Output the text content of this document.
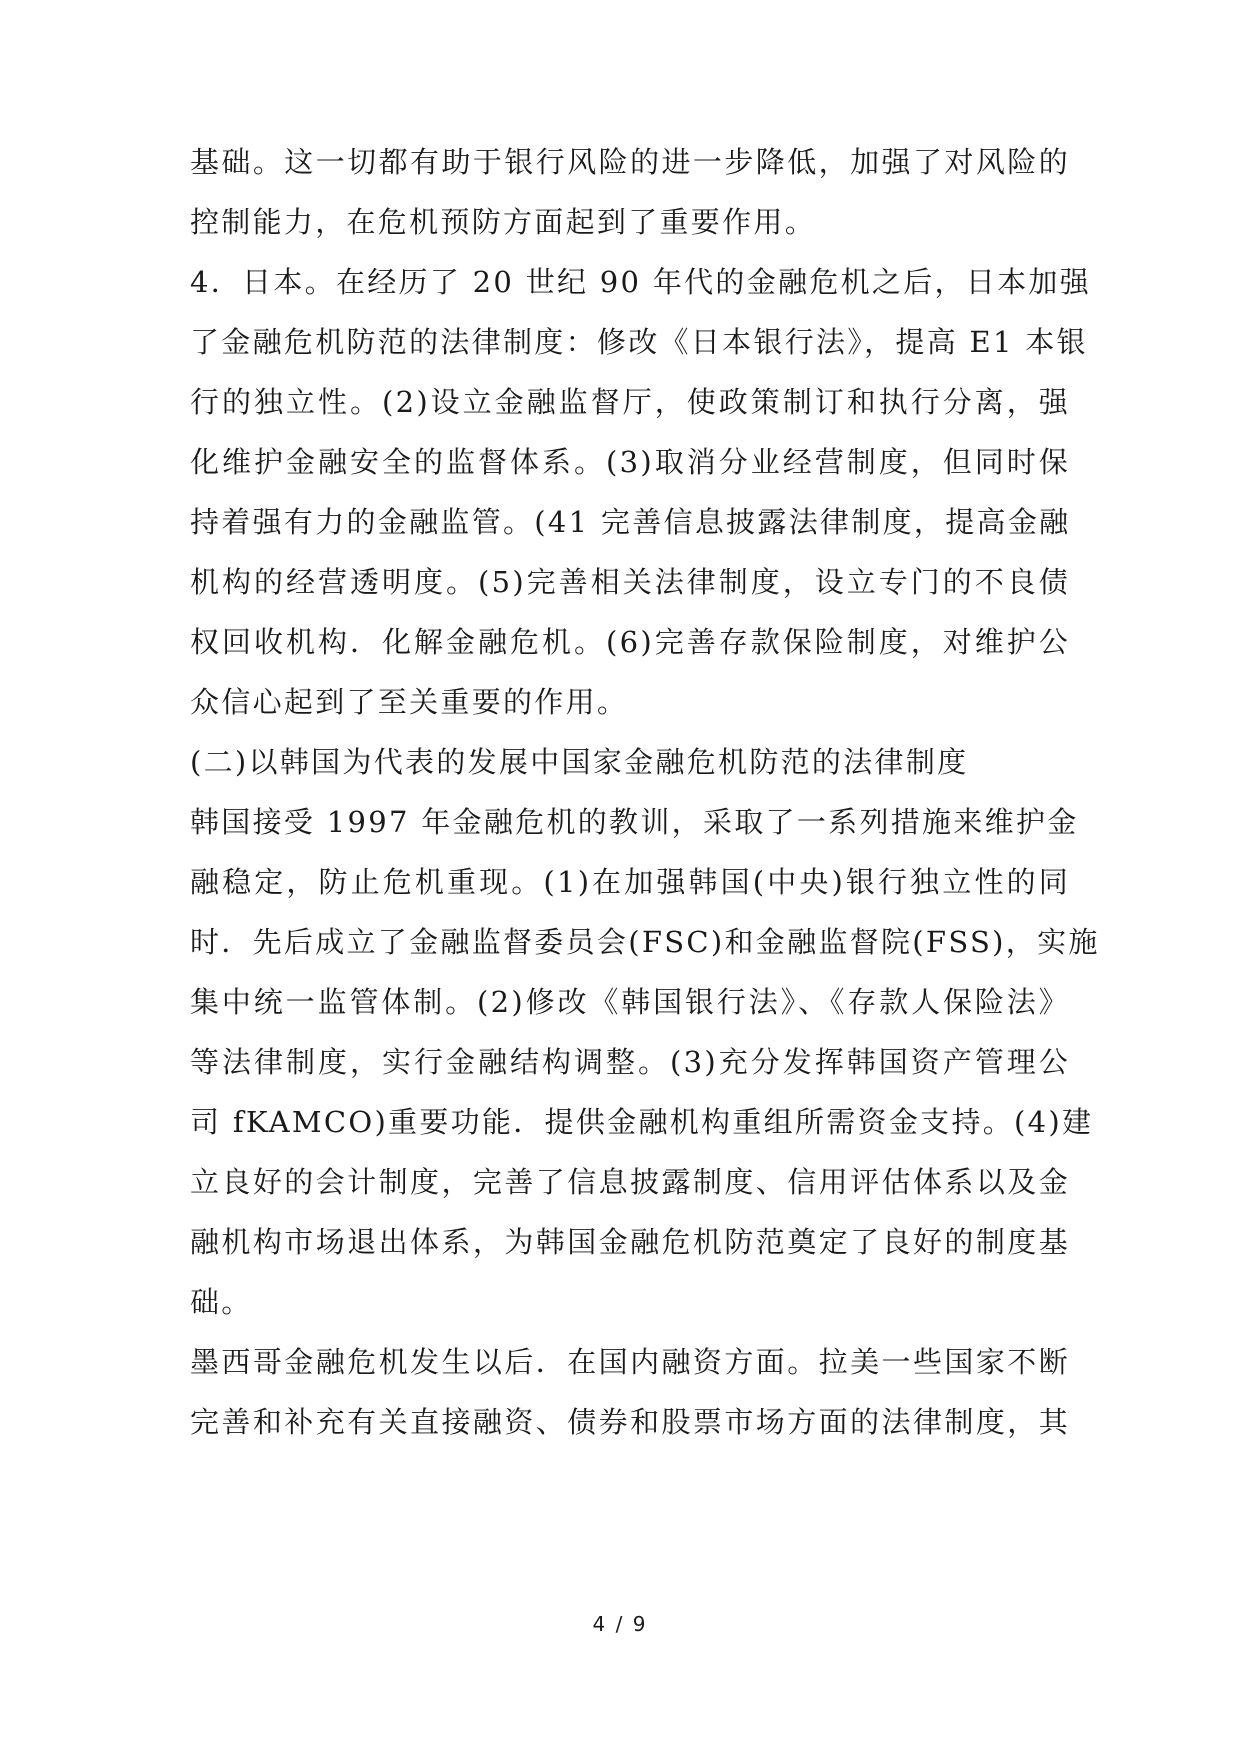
基础。这一切都有助于银行风险的进一步降低，加强了对风险的

控制能力，在危机预防方面起到了重要作用。

4．日本。在经历了 20 世纪 90 年代的金融危机之后，日本加强

了金融危机防范的法律制度：修改《日本银行法》，提高 E1 本银

行的独立性。(2)设立金融监督厅，使政策制订和执行分离，强

化维护金融安全的监督体系。(3)取消分业经营制度，但同时保

持着强有力的金融监管。(41 完善信息披露法律制度，提高金融

机构的经营透明度。(5)完善相关法律制度，设立专门的不良债

权回收机构．化解金融危机。(6)完善存款保险制度，对维护公

众信心起到了至关重要的作用。

(二)以韩国为代表的发展中国家金融危机防范的法律制度

韩国接受 1997 年金融危机的教训，采取了一系列措施来维护金

融稳定，防止危机重现。(1)在加强韩国(中央)银行独立性的同

时．先后成立了金融监督委员会(FSC)和金融监督院(FSS)，实施

集中统一监管体制。(2)修改《韩国银行法》、《存款人保险法》

等法律制度，实行金融结构调整。(3)充分发挥韩国资产管理公

司 fKAMCO)重要功能．提供金融机构重组所需资金支持。(4)建

立良好的会计制度，完善了信息披露制度、信用评估体系以及金

融机构市场退出体系，为韩国金融危机防范奠定了良好的制度基

础。

墨西哥金融危机发生以后．在国内融资方面。拉美一些国家不断

完善和补充有关直接融资、债券和股票市场方面的法律制度，其

4 / 9
